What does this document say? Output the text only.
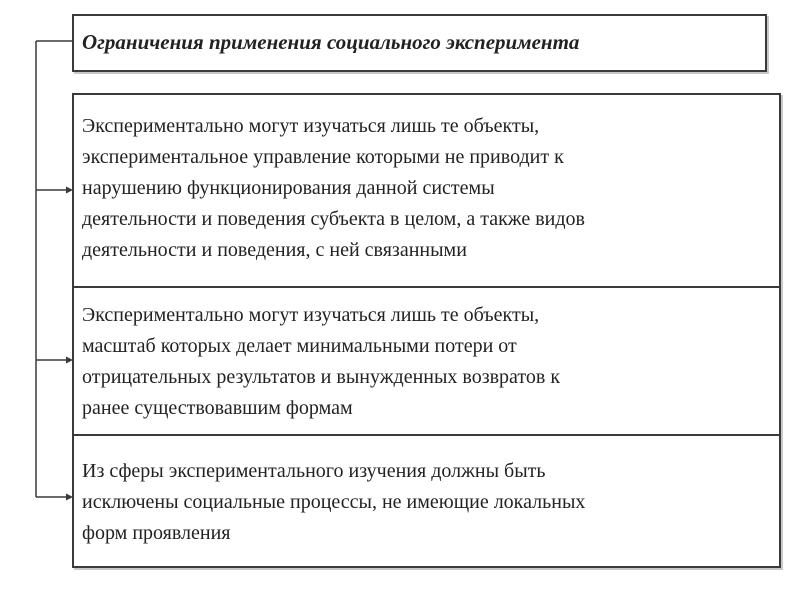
Ограничения применения социального эксперимента
Экспериментально могут изучаться лишь те объекты,
экспериментальное управление которыми не приводит к
нарушению функционирования данной системы
деятельности и поведения субъекта в целом, а также видов
деятельности и поведения, с ней связанными
Экспериментально могут изучаться лишь те объекты,
масштаб которых делает минимальными потери от
отрицательных результатов и вынужденных возвратов к
ранее существовавшим формам
Из сферы экспериментального изучения должны быть
исключены социальные процессы, не имеющие локальных
форм проявления
